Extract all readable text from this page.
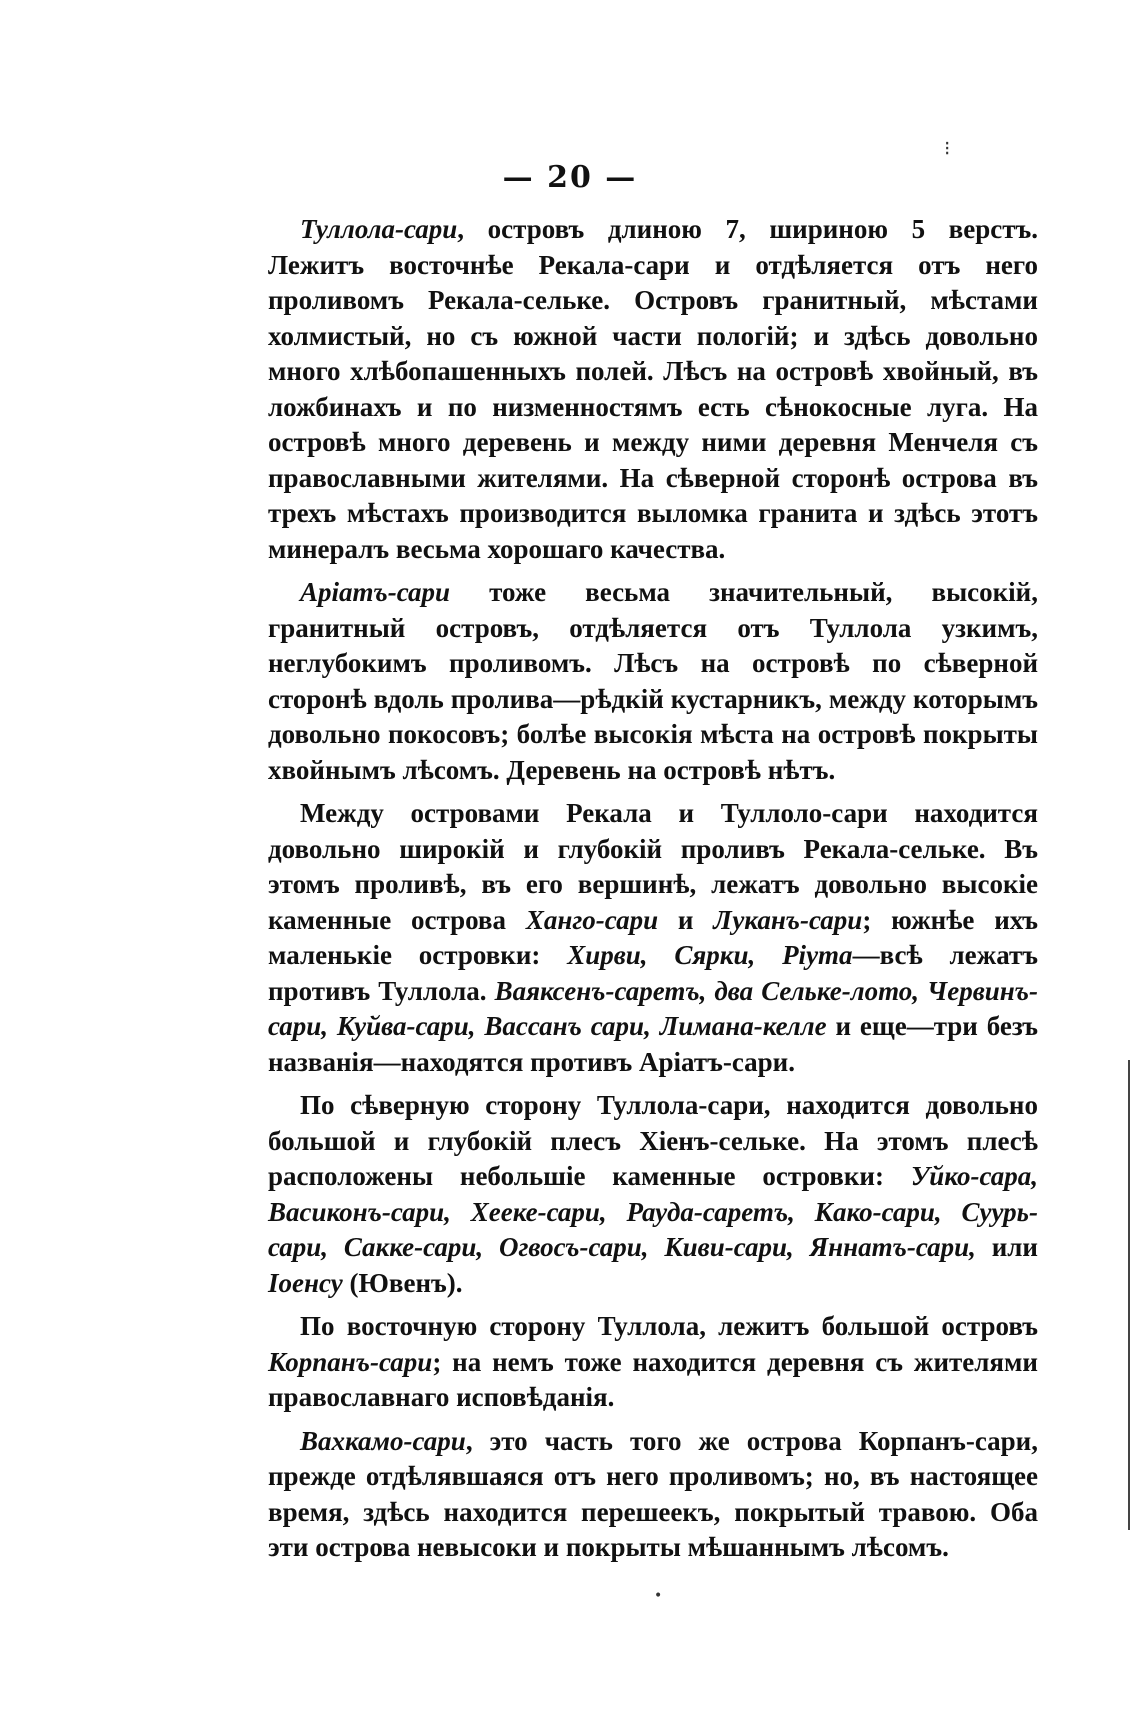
— 20 —

Туллола-сари, островъ длиною 7, шириною 5 верстъ. Лежитъ восточнѣе Рекала-сари и отдѣляется отъ него проливомъ Рекала-сельке. Островъ гранитный, мѣстами холмистый, но съ южной части пологій; и здѣсь довольно много хлѣбопашенныхъ полей. Лѣсъ на островѣ хвойный, въ ложбинахъ и по низменностямъ есть сѣнокосные луга. На островѣ много деревень и между ними деревня Менчеля съ православными жителями. На сѣверной сторонѣ острова въ трехъ мѣстахъ производится выломка гранита и здѣсь этотъ минералъ весьма хорошаго качества.

Аріатъ-сари тоже весьма значительный, высокій, гранитный островъ, отдѣляется отъ Туллола узкимъ, неглубокимъ проливомъ. Лѣсъ на островѣ по сѣверной сторонѣ вдоль пролива—рѣдкій кустарникъ, между которымъ довольно покосовъ; болѣе высокія мѣста на островѣ покрыты хвойнымъ лѣсомъ. Деревень на островѣ нѣтъ.

Между островами Рекала и Туллоло-сари находится довольно широкій и глубокій проливъ Рекала-сельке. Въ этомъ проливѣ, въ его вершинѣ, лежатъ довольно высокіе каменные острова Ханго-сари и Луканъ-сари; южнѣе ихъ маленькіе островки: Хирви, Сярки, Ріута—всѣ лежатъ противъ Туллола. Ваяксенъ-саретъ, два Сельке-лото, Червинъ-сари, Куйва-сари, Вассанъ сари, Лимана-келле и еще—три безъ названія—находятся противъ Аріатъ-сари.

По сѣверную сторону Туллола-сари, находится довольно большой и глубокій плесъ Хіенъ-сельке. На этомъ плесѣ расположены небольшіе каменные островки: Уйко-сара, Васиконъ-сари, Хееке-сари, Рауда-саретъ, Како-сари, Суурь-сари, Сакке-сари, Огвосъ-сари, Киви-сари, Яннатъ-сари, или Іоенсу (Ювенъ).

По восточную сторону Туллола, лежитъ большой островъ Корпанъ-сари; на немъ тоже находится деревня съ жителями православнаго исповѣданія.

Вахкамо-сари, это часть того же острова Корпанъ-сари, прежде отдѣлявшаяся отъ него проливомъ; но, въ настоящее время, здѣсь находится перешеекъ, покрытый травою. Оба эти острова невысоки и покрыты мѣшаннымъ лѣсомъ.

⁝
•
